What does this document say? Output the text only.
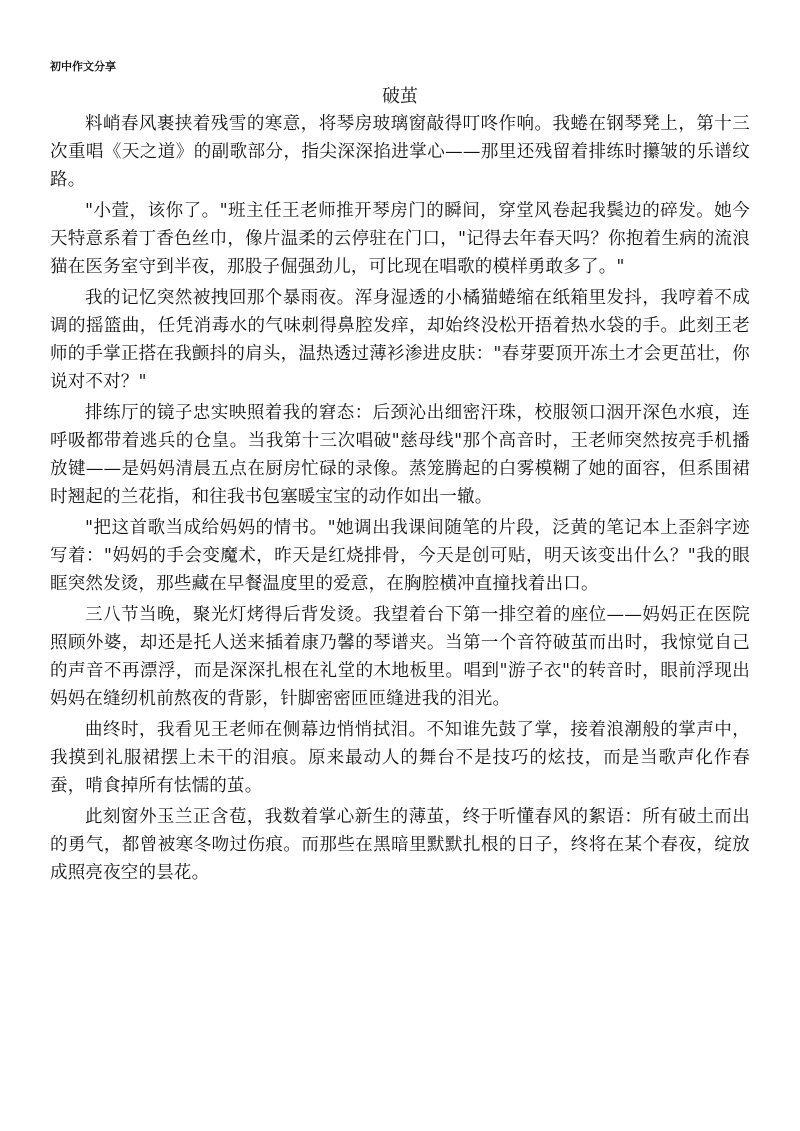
初中作文分享
破茧

料峭春风裹挟着残雪的寒意，将琴房玻璃窗敲得叮咚作响。我蜷在钢琴凳上，第十三次重唱《天之道》的副歌部分，指尖深深掐进掌心——那里还残留着排练时攥皱的乐谱纹路。

"小萱，该你了。"班主任王老师推开琴房门的瞬间，穿堂风卷起我鬓边的碎发。她今天特意系着丁香色丝巾，像片温柔的云停驻在门口，"记得去年春天吗？你抱着生病的流浪猫在医务室守到半夜，那股子倔强劲儿，可比现在唱歌的模样勇敢多了。"

我的记忆突然被拽回那个暴雨夜。浑身湿透的小橘猫蜷缩在纸箱里发抖，我哼着不成调的摇篮曲，任凭消毒水的气味刺得鼻腔发痒，却始终没松开捂着热水袋的手。此刻王老师的手掌正搭在我颤抖的肩头，温热透过薄衫渗进皮肤："春芽要顶开冻土才会更茁壮，你说对不对？"

排练厅的镜子忠实映照着我的窘态：后颈沁出细密汗珠，校服领口洇开深色水痕，连呼吸都带着逃兵的仓皇。当我第十三次唱破"慈母线"那个高音时，王老师突然按亮手机播放键——是妈妈清晨五点在厨房忙碌的录像。蒸笼腾起的白雾模糊了她的面容，但系围裙时翘起的兰花指，和往我书包塞暖宝宝的动作如出一辙。

"把这首歌当成给妈妈的情书。"她调出我课间随笔的片段，泛黄的笔记本上歪斜字迹写着："妈妈的手会变魔术，昨天是红烧排骨，今天是创可贴，明天该变出什么？"我的眼眶突然发烫，那些藏在早餐温度里的爱意，在胸腔横冲直撞找着出口。

三八节当晚，聚光灯烤得后背发烫。我望着台下第一排空着的座位——妈妈正在医院照顾外婆，却还是托人送来插着康乃馨的琴谱夹。当第一个音符破茧而出时，我惊觉自己的声音不再漂浮，而是深深扎根在礼堂的木地板里。唱到"游子衣"的转音时，眼前浮现出妈妈在缝纫机前熬夜的背影，针脚密密匝匝缝进我的泪光。

曲终时，我看见王老师在侧幕边悄悄拭泪。不知谁先鼓了掌，接着浪潮般的掌声中，我摸到礼服裙摆上未干的泪痕。原来最动人的舞台不是技巧的炫技，而是当歌声化作春蚕，啃食掉所有怯懦的茧。

此刻窗外玉兰正含苞，我数着掌心新生的薄茧，终于听懂春风的絮语：所有破土而出的勇气，都曾被寒冬吻过伤痕。而那些在黑暗里默默扎根的日子，终将在某个春夜，绽放成照亮夜空的昙花。
